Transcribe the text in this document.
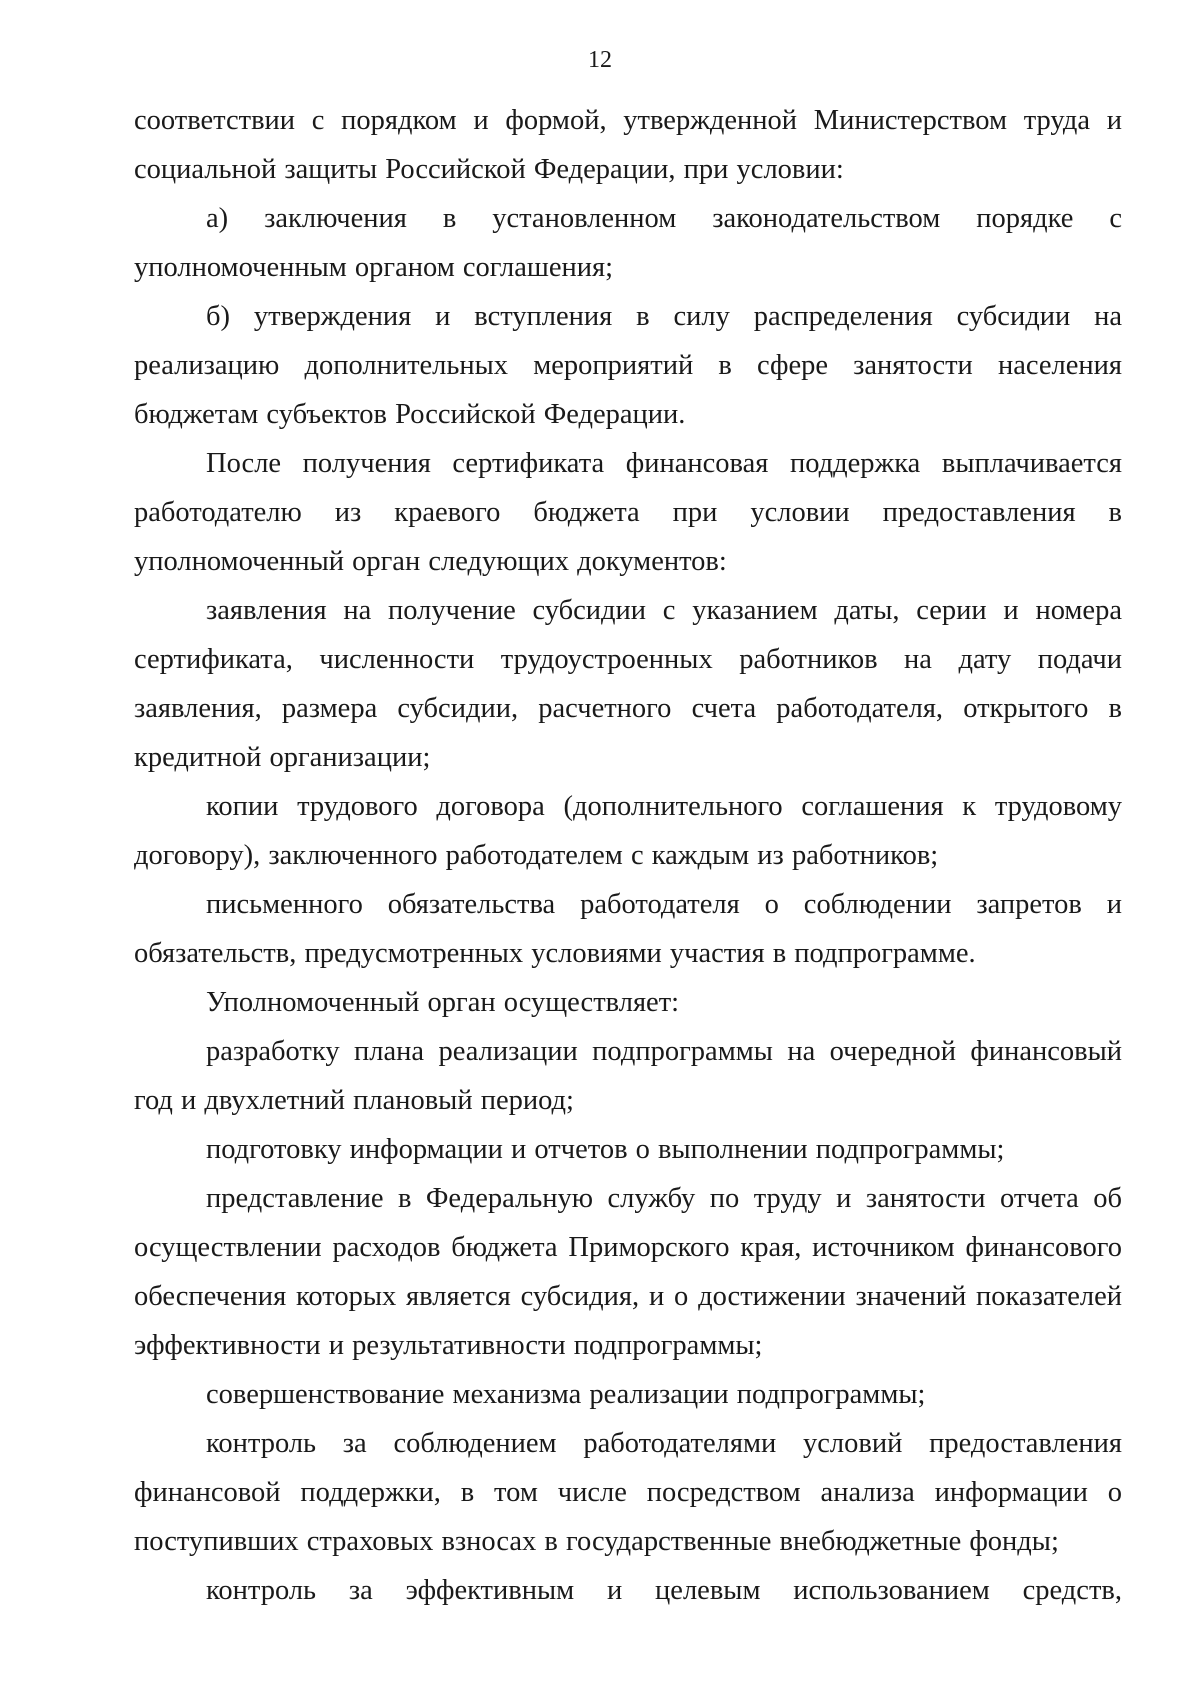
12

соответствии с порядком и формой, утвержденной Министерством труда и социальной защиты Российской Федерации, при условии:

а) заключения в установленном законодательством порядке с уполномоченным органом соглашения;

б) утверждения и вступления в силу распределения субсидии на реализацию дополнительных мероприятий в сфере занятости населения бюджетам субъектов Российской Федерации.

После получения сертификата финансовая поддержка выплачивается работодателю из краевого бюджета при условии предоставления в уполномоченный орган следующих документов:

заявления на получение субсидии с указанием даты, серии и номера сертификата, численности трудоустроенных работников на дату подачи заявления, размера субсидии, расчетного счета работодателя, открытого в кредитной организации;

копии трудового договора (дополнительного соглашения к трудовому договору), заключенного работодателем с каждым из работников;

письменного обязательства работодателя о соблюдении запретов и обязательств, предусмотренных условиями участия в подпрограмме.

Уполномоченный орган осуществляет:

разработку плана реализации подпрограммы на очередной финансовый год и двухлетний плановый период;

подготовку информации и отчетов о выполнении подпрограммы;

представление в Федеральную службу по труду и занятости отчета об осуществлении расходов бюджета Приморского края, источником финансового обеспечения которых является субсидия, и о достижении значений показателей эффективности и результативности подпрограммы;

совершенствование механизма реализации подпрограммы;

контроль за соблюдением работодателями условий предоставления финансовой поддержки, в том числе посредством анализа информации о поступивших страховых взносах в государственные внебюджетные фонды;

контроль за эффективным и целевым использованием средств,
